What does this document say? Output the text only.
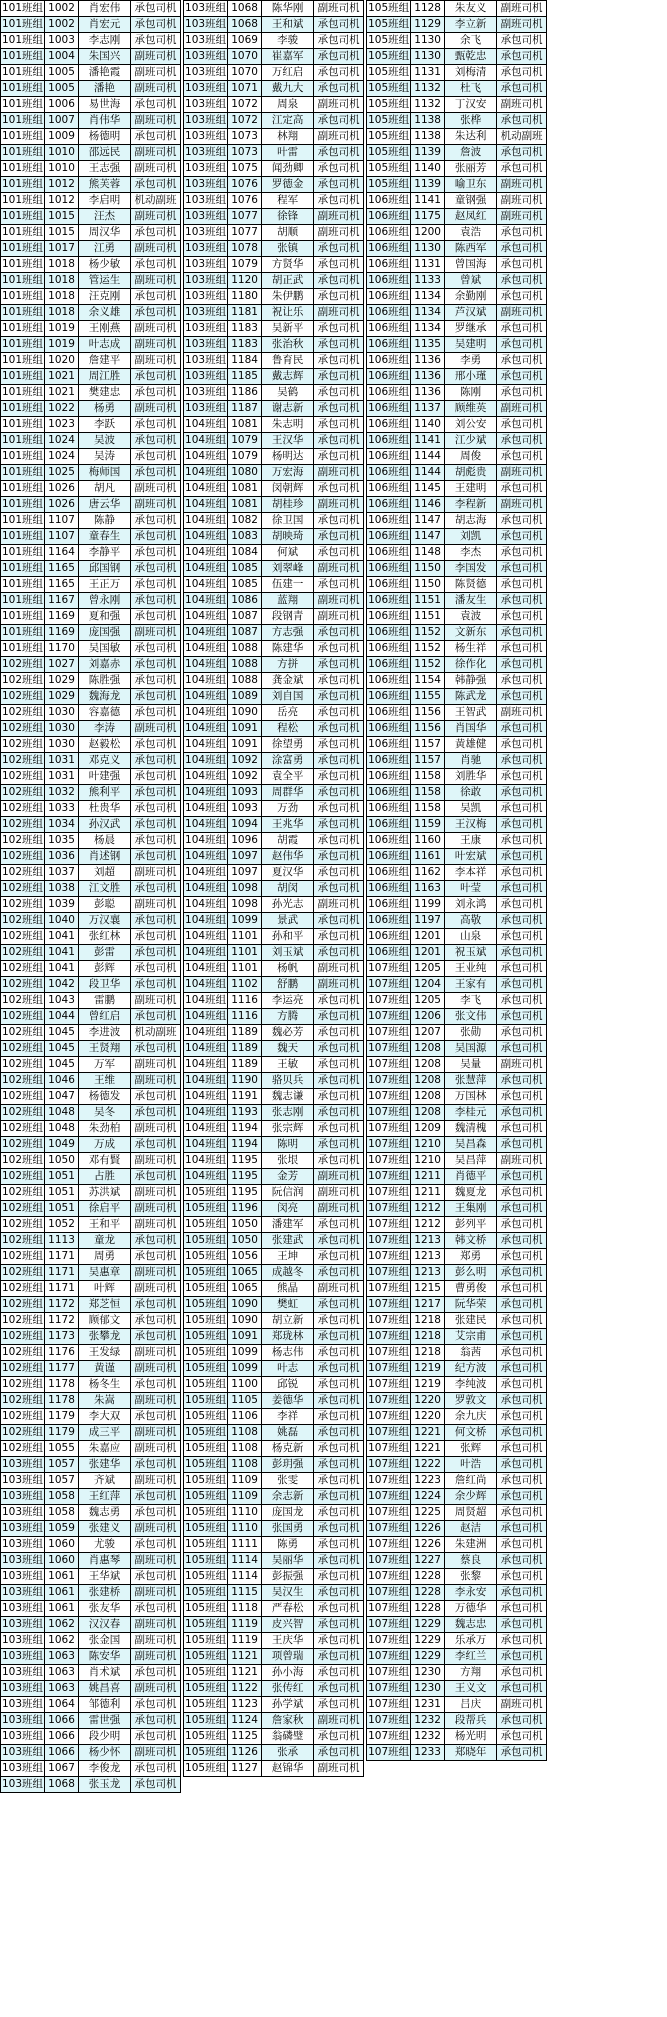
101班组	1002	肖宏伟	承包司机
101班组	1002	肖宏元	承包司机
101班组	1003	李志刚	承包司机
101班组	1004	朱国兴	副班司机
101班组	1005	潘艳霞	副班司机
101班组	1005	潘艳	副班司机
101班组	1006	易世海	承包司机
101班组	1007	肖伟华	副班司机
101班组	1009	杨德明	承包司机
101班组	1010	邵远民	副班司机
101班组	1010	王志强	副班司机
101班组	1012	熊芙蓉	承包司机
101班组	1012	李启明	机动副班
101班组	1015	汪杰	副班司机
101班组	1015	周汉华	承包司机
101班组	1017	江勇	副班司机
101班组	1018	杨少敏	承包司机
101班组	1018	管运生	副班司机
101班组	1018	汪克刚	承包司机
101班组	1018	余义雄	承包司机
101班组	1019	王刚燕	副班司机
101班组	1019	叶志成	副班司机
101班组	1020	詹建平	副班司机
101班组	1021	周江胜	承包司机
101班组	1021	樊建忠	承包司机
101班组	1022	杨勇	副班司机
101班组	1023	李跃	承包司机
101班组	1024	吴波	承包司机
101班组	1024	吴涛	承包司机
101班组	1025	梅师国	承包司机
101班组	1026	胡凡	副班司机
101班组	1026	唐云华	副班司机
101班组	1107	陈静	承包司机
101班组	1107	童春生	承包司机
101班组	1164	李静平	承包司机
101班组	1165	邱国钢	承包司机
101班组	1165	王正万	承包司机
101班组	1167	曾永刚	承包司机
101班组	1169	夏和强	承包司机
101班组	1169	庞国强	副班司机
101班组	1170	吴国敏	承包司机
102班组	1027	刘嘉赤	承包司机
102班组	1029	陈胜强	承包司机
102班组	1029	魏海龙	承包司机
102班组	1030	容嘉德	承包司机
102班组	1030	李涛	副班司机
102班组	1030	赵毅松	承包司机
102班组	1031	邓克义	承包司机
102班组	1031	叶建强	承包司机
102班组	1032	熊利平	承包司机
102班组	1033	杜贵华	承包司机
102班组	1034	孙汉武	承包司机
102班组	1035	杨晨	承包司机
102班组	1036	肖述钢	承包司机
102班组	1037	刘超	副班司机
102班组	1038	江文胜	承包司机
102班组	1039	彭聪	副班司机
102班组	1040	万汉襄	承包司机
102班组	1041	张红林	承包司机
102班组	1041	彭雷	承包司机
102班组	1041	彭辉	承包司机
102班组	1042	段卫华	承包司机
102班组	1043	雷鹏	副班司机
102班组	1044	曾红启	承包司机
102班组	1045	李进波	机动副班
102班组	1045	王贤翔	承包司机
102班组	1045	万军	副班司机
102班组	1046	王维	副班司机
102班组	1047	杨德发	承包司机
102班组	1048	吴冬	承包司机
102班组	1048	朱劲柏	副班司机
102班组	1049	万成	承包司机
102班组	1050	邓有賢	副班司机
102班组	1051	占胜	承包司机
102班组	1051	苏洪斌	副班司机
102班组	1051	徐启平	副班司机
102班组	1052	王和平	副班司机
102班组	1113	童龙	承包司机
102班组	1171	周勇	承包司机
102班组	1171	吴惠章	副班司机
102班组	1171	叶辉	副班司机
102班组	1172	郑芝恒	承包司机
102班组	1172	顾郁文	承包司机
102班组	1173	张攀龙	承包司机
102班组	1176	王发绿	副班司机
102班组	1177	黄谨	副班司机
102班组	1178	杨冬生	承包司机
102班组	1178	朱嵩	副班司机
102班组	1179	李大双	承包司机
102班组	1179	成三平	副班司机
102班组	1055	朱嘉应	副班司机
103班组	1057	张建华	承包司机
103班组	1057	齐斌	副班司机
103班组	1058	王红萍	承包司机
103班组	1058	魏志勇	承包司机
103班组	1059	张建义	副班司机
103班组	1060	尤骏	承包司机
103班组	1060	肖惠琴	副班司机
103班组	1061	王华斌	承包司机
103班组	1061	张建桥	副班司机
103班组	1061	张友华	承包司机
103班组	1062	汉汉春	副班司机
103班组	1062	张金国	副班司机
103班组	1063	陈安华	副班司机
103班组	1063	肖术斌	承包司机
103班组	1063	姚昌喜	副班司机
103班组	1064	邹德利	承包司机
103班组	1066	雷世强	承包司机
103班组	1066	段少明	承包司机
103班组	1066	杨少怀	副班司机
103班组	1067	李俊龙	承包司机
103班组	1068	张玉龙	承包司机
103班组	1068	陈华刚	副班司机
103班组	1068	王和斌	承包司机
103班组	1069	李骏	承包司机
103班组	1070	崔嘉军	承包司机
103班组	1070	万红启	承包司机
103班组	1071	戴九大	承包司机
103班组	1072	周泉	副班司机
103班组	1072	江定高	承包司机
103班组	1073	林翔	副班司机
103班组	1073	叶雷	承包司机
103班组	1075	闻劲卿	承包司机
103班组	1076	罗德金	承包司机
103班组	1076	程军	承包司机
103班组	1077	徐锋	副班司机
103班组	1077	胡顺	副班司机
103班组	1078	张镇	承包司机
103班组	1079	方贤华	承包司机
103班组	1120	胡正武	承包司机
103班组	1180	朱伊鹏	承包司机
103班组	1181	祝让乐	副班司机
103班组	1183	吴新平	承包司机
103班组	1183	张治秋	承包司机
103班组	1184	鲁育民	承包司机
103班组	1185	戴志辉	承包司机
103班组	1186	吴鹤	承包司机
103班组	1187	谢志新	承包司机
104班组	1081	朱志明	承包司机
104班组	1079	王汉华	承包司机
104班组	1079	杨明达	承包司机
104班组	1080	万宏海	副班司机
104班组	1081	闵朝辉	承包司机
104班组	1081	胡桂珍	副班司机
104班组	1082	徐卫国	承包司机
104班组	1083	胡映琦	承包司机
104班组	1084	何斌	承包司机
104班组	1085	刘翠峰	副班司机
104班组	1085	伍建一	承包司机
104班组	1086	蓝翔	副班司机
104班组	1087	段钢青	副班司机
104班组	1087	方志强	承包司机
104班组	1088	陈建华	承包司机
104班组	1088	方拼	承包司机
104班组	1088	龚金斌	承包司机
104班组	1089	刘自国	承包司机
104班组	1090	岳亮	承包司机
104班组	1091	程松	承包司机
104班组	1091	徐望勇	承包司机
104班组	1092	涂富勇	承包司机
104班组	1092	袁全平	承包司机
104班组	1093	周群华	承包司机
104班组	1093	万劲	承包司机
104班组	1094	王兆华	承包司机
104班组	1096	胡霞	承包司机
104班组	1097	赵伟华	承包司机
104班组	1097	夏汉华	承包司机
104班组	1098	胡闵	承包司机
104班组	1098	孙光志	副班司机
104班组	1099	景武	承包司机
104班组	1101	孙和平	承包司机
104班组	1101	刘玉斌	承包司机
104班组	1101	杨帆	副班司机
104班组	1102	舒鹏	副班司机
104班组	1116	李运亮	承包司机
104班组	1116	方腾	承包司机
104班组	1189	魏必芳	承包司机
104班组	1189	魏天	承包司机
104班组	1189	王敏	承包司机
104班组	1190	骆贝兵	承包司机
104班组	1191	魏志谦	承包司机
104班组	1193	张志刚	承包司机
104班组	1194	张宗辉	承包司机
104班组	1194	陈明	承包司机
104班组	1195	张垠	承包司机
104班组	1195	金芳	副班司机
105班组	1195	阮信润	副班司机
105班组	1196	闵亮	副班司机
105班组	1050	潘建军	承包司机
105班组	1050	张建武	承包司机
105班组	1056	王坤	承包司机
105班组	1065	成越冬	承包司机
105班组	1065	熊晶	副班司机
105班组	1090	樊虹	承包司机
105班组	1090	胡立新	承包司机
105班组	1091	郑珑林	承包司机
105班组	1099	杨志伟	承包司机
105班组	1099	叶志	承包司机
105班组	1100	邱锐	承包司机
105班组	1105	姜德华	承包司机
105班组	1106	李祥	承包司机
105班组	1108	姚磊	承包司机
105班组	1108	杨克新	承包司机
105班组	1108	彭玥强	承包司机
105班组	1109	张雯	承包司机
105班组	1109	余志新	承包司机
105班组	1110	庞国龙	承包司机
105班组	1110	张国勇	承包司机
105班组	1111	陈勇	承包司机
105班组	1114	吴丽华	承包司机
105班组	1114	彭振强	承包司机
105班组	1115	吴汉生	承包司机
105班组	1118	严春松	承包司机
105班组	1119	皮兴智	承包司机
105班组	1119	王庆华	承包司机
105班组	1121	项曾瑞	承包司机
105班组	1121	孙小海	承包司机
105班组	1122	张传红	承包司机
105班组	1123	孙学斌	承包司机
105班组	1124	詹家秋	副班司机
105班组	1125	翁磷璧	承包司机
105班组	1126	张承	承包司机
105班组	1127	赵锦华	副班司机
105班组	1128	朱友义	副班司机
105班组	1129	李立新	副班司机
105班组	1130	余飞	承包司机
105班组	1130	甄乾忠	承包司机
105班组	1131	刘梅清	承包司机
105班组	1132	杜飞	承包司机
105班组	1132	丁汉安	副班司机
105班组	1138	张桦	承包司机
105班组	1138	朱达利	机动副班
105班组	1139	詹波	承包司机
105班组	1140	张丽芳	承包司机
105班组	1139	喻卫东	副班司机
106班组	1141	童钢强	副班司机
106班组	1175	赵凤红	副班司机
106班组	1200	袁浩	承包司机
106班组	1130	陈西军	承包司机
106班组	1131	曾国海	承包司机
106班组	1133	曾斌	承包司机
106班组	1134	余勤刚	承包司机
106班组	1134	芦汉斌	副班司机
106班组	1134	罗继承	承包司机
106班组	1135	吴建明	承包司机
106班组	1136	李勇	承包司机
106班组	1136	邢小瑾	承包司机
106班组	1136	陈刚	承包司机
106班组	1137	顾维英	副班司机
106班组	1140	刘公安	承包司机
106班组	1141	江少斌	承包司机
106班组	1144	周俊	承包司机
106班组	1144	胡彪贵	副班司机
106班组	1145	王建明	承包司机
106班组	1146	李程新	副班司机
106班组	1147	胡志海	承包司机
106班组	1147	刘凯	承包司机
106班组	1148	李杰	承包司机
106班组	1150	李国发	承包司机
106班组	1150	陈贤德	承包司机
106班组	1151	潘友生	承包司机
106班组	1151	袁波	承包司机
106班组	1152	文新东	承包司机
106班组	1152	杨生祥	承包司机
106班组	1152	徐作化	承包司机
106班组	1154	韩静强	承包司机
106班组	1155	陈武龙	承包司机
106班组	1156	王智武	副班司机
106班组	1156	肖国华	承包司机
106班组	1157	黄雄健	承包司机
106班组	1157	肖驰	承包司机
106班组	1158	刘胜华	承包司机
106班组	1158	徐敢	承包司机
106班组	1158	吴凯	承包司机
106班组	1159	王汉梅	承包司机
106班组	1160	王康	承包司机
106班组	1161	叶宏斌	承包司机
106班组	1162	李本祥	承包司机
106班组	1163	叶莹	承包司机
106班组	1199	刘永鸿	承包司机
106班组	1197	高敬	承包司机
106班组	1201	山泉	承包司机
106班组	1201	祝玉斌	承包司机
107班组	1205	王业纯	承包司机
107班组	1204	王家有	承包司机
107班组	1205	李飞	承包司机
107班组	1206	张文伟	承包司机
107班组	1207	张勋	承包司机
107班组	1208	吴国源	承包司机
107班组	1208	吴量	副班司机
107班组	1208	张慧萍	承包司机
107班组	1208	万国林	承包司机
107班组	1208	李桂元	承包司机
107班组	1209	魏清槐	承包司机
107班组	1210	吴昌森	承包司机
107班组	1210	吴昌萍	副班司机
107班组	1211	肖德平	承包司机
107班组	1211	魏夏龙	承包司机
107班组	1212	王集刚	承包司机
107班组	1212	彭列平	承包司机
107班组	1213	韩文桥	承包司机
107班组	1213	郑勇	承包司机
107班组	1213	彭么明	承包司机
107班组	1215	曹勇俊	承包司机
107班组	1217	阮华荣	承包司机
107班组	1218	张建民	承包司机
107班组	1218	艾宗甫	承包司机
107班组	1218	翁茜	承包司机
107班组	1219	纪方波	承包司机
107班组	1219	李纯波	承包司机
107班组	1220	罗敦文	承包司机
107班组	1220	余九庆	承包司机
107班组	1221	何文桥	承包司机
107班组	1221	张辉	承包司机
107班组	1222	叶浩	承包司机
107班组	1223	詹红尚	承包司机
107班组	1224	余少辉	承包司机
107班组	1225	周贤超	承包司机
107班组	1226	赵洁	承包司机
107班组	1226	朱建洲	承包司机
107班组	1227	蔡良	承包司机
107班组	1228	张黎	承包司机
107班组	1228	李永安	承包司机
107班组	1228	万德华	承包司机
107班组	1229	魏志忠	承包司机
107班组	1229	乐承万	承包司机
107班组	1229	李红兰	承包司机
107班组	1230	方翔	承包司机
107班组	1230	王义文	承包司机
107班组	1231	吕庆	副班司机
107班组	1232	段帮兵	承包司机
107班组	1232	杨光明	承包司机
107班组	1233	郑晓年	承包司机
